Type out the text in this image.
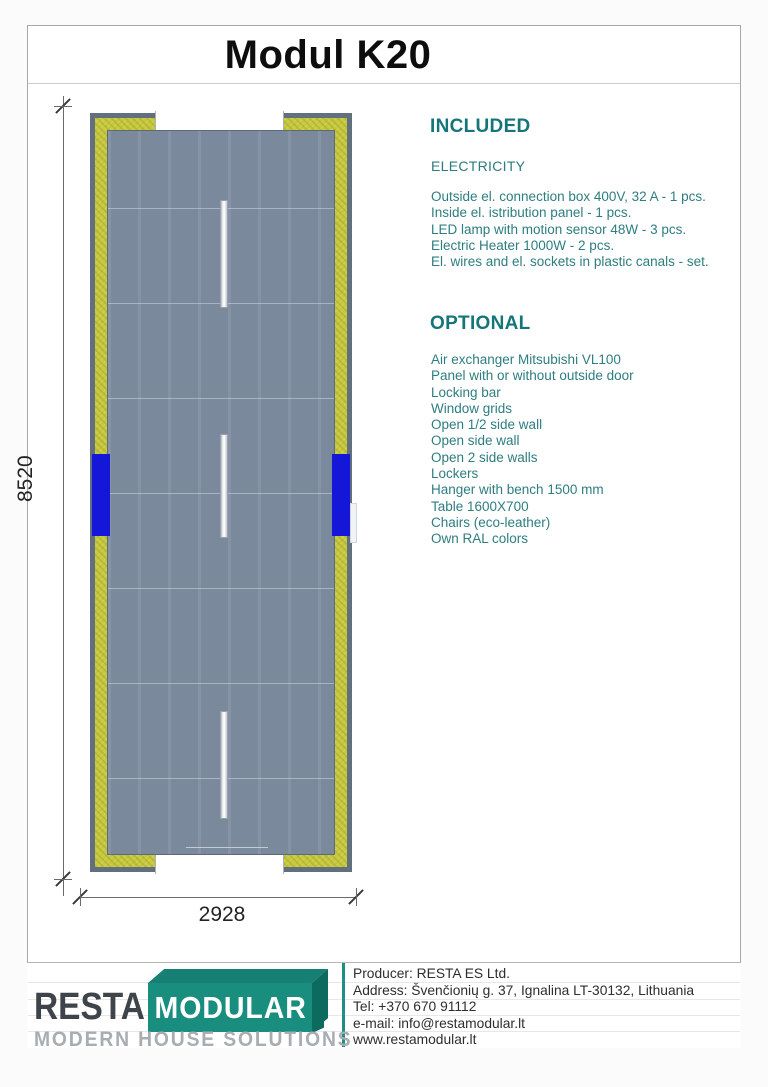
Modul K20
8520
2928
INCLUDED
ELECTRICITY
Outside el. connection box 400V, 32 A - 1 pcs.
Inside el. istribution panel - 1 pcs.
LED lamp with motion sensor 48W - 3 pcs.
Electric Heater 1000W - 2 pcs.
El. wires and el. sockets in plastic canals - set.
OPTIONAL
Air exchanger Mitsubishi VL100
Panel with or without outside door
Locking bar
Window grids
Open 1/2 side wall
Open side wall
Open 2 side walls
Lockers
Hanger with bench 1500 mm
Table 1600X700
Chairs (eco-leather)
Own RAL colors
RESTA MODULAR
MODERN HOUSE SOLUTIONS
Producer: RESTA ES Ltd.
Address: Švenčionių g. 37, Ignalina LT-30132, Lithuania
Tel: +370 670 91112
e-mail: info@restamodular.lt
www.restamodular.lt
